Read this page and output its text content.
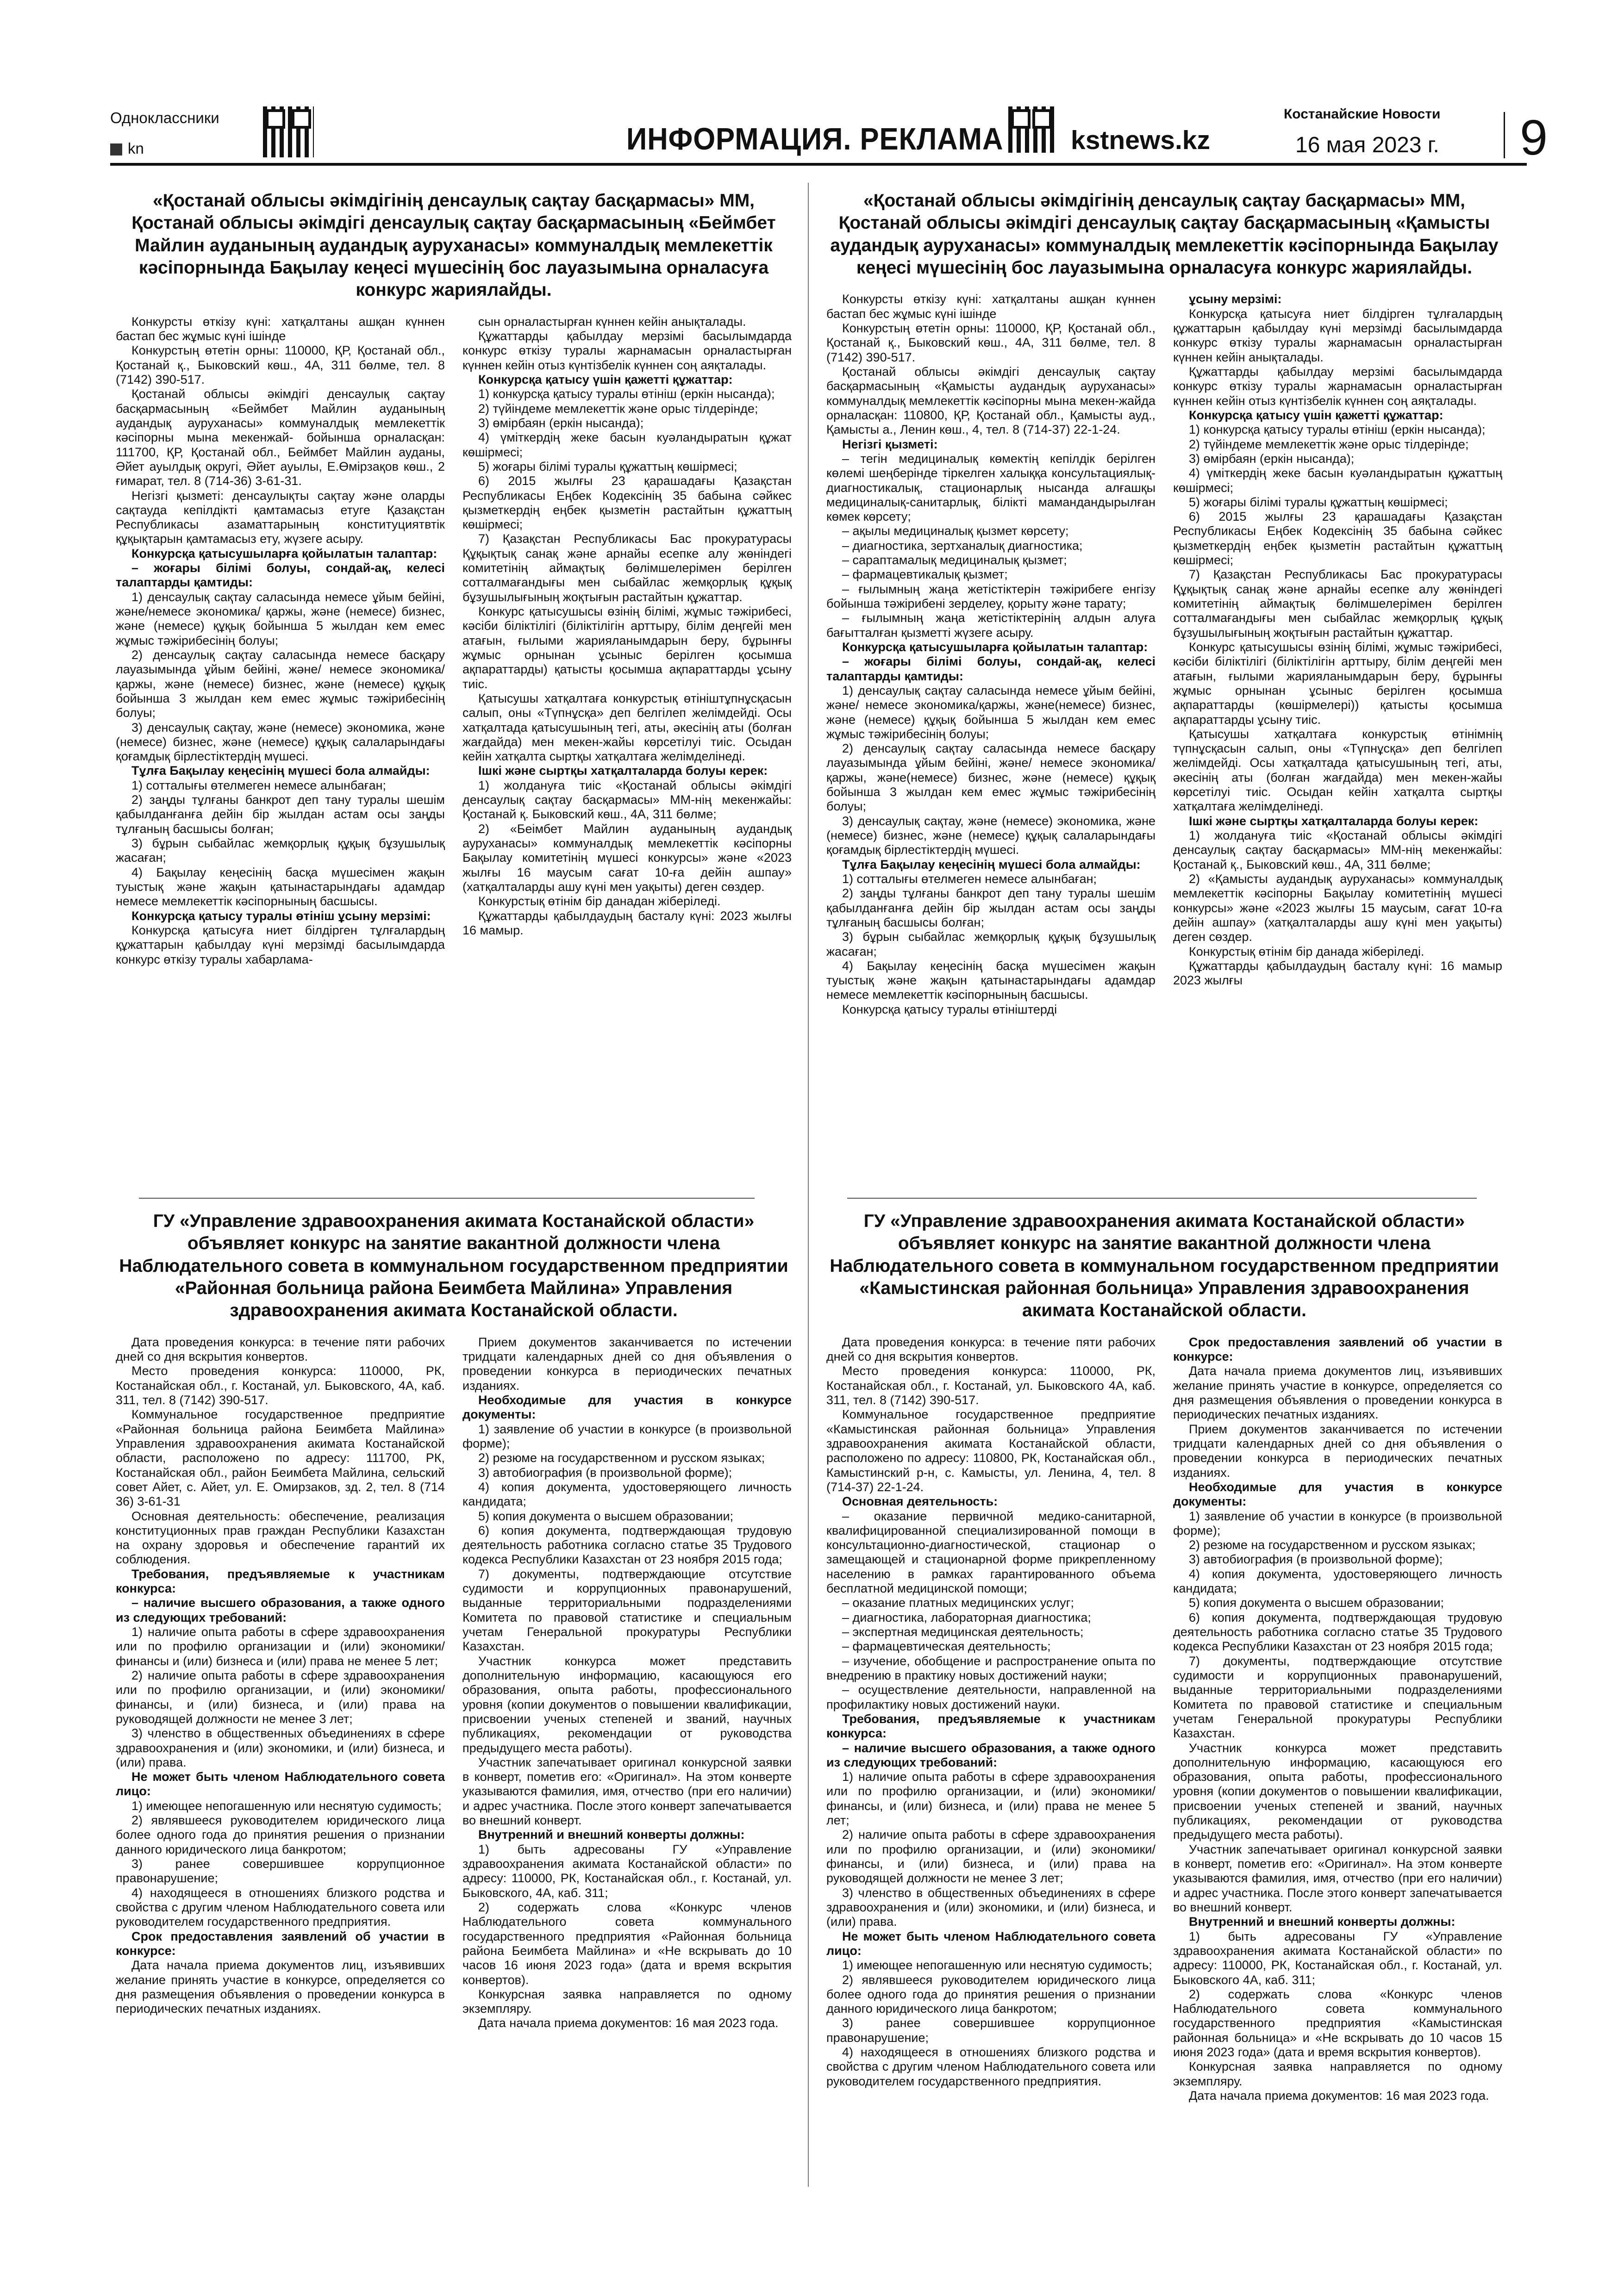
Одноклассники
kn	ИНФОРМАЦИЯ. РЕКЛАМА	kstnews.kz
Костанайские Новости
16 мая 2023 г. 9
«Қостанай облысы әкімдігінің денсаулық сақтау басқармасы» ММ, Қостанай облысы әкімдігі денсаулық сақтау басқармасының «Беймбет Майлин ауданының аудандық ауруханасы» коммуналдық мемлекеттік кәсіпорнында Бақылау кеңесі мүшесінің бос лауазымына орналасуға конкурс жариялайды.

Конкурсты өткізу күні: хатқалтаны ашқан күннен бастап бес жұмыс күні ішінде

Конкурстың өтетін орны: 110000, ҚР, Қостанай обл., Қостанай қ., Быковский көш., 4А, 311 бөлме, тел. 8 (7142) 390-517.

Қостанай облысы әкімдігі денсаулық сақтау басқармасының «Беймбет Майлин ауданының аудандық ауруханасы» коммуналдық мемлекеттік кәсіпорны мына мекенжай- бойынша орналасқан: 111700, ҚР, Қостанай обл., Беймбет Майлин ауданы, Әйет ауылдық округі, Әйет ауылы, Е.Өмірзақов көш., 2 ғимарат, тел. 8 (714-36) 3-61-31.

Негізгі қызметі: денсаулықты сақтау және оларды сақтауда кепілдікті қамтамасыз етуге Қазақстан Республикасы азаматтарының конституциятвтік құқықтарын қамтамасыз ету, жүзеге асыру.

Конкурсқа қатысушыларға қойылатын талаптар:

– жоғары білімі болуы, сондай-ақ, келесі талаптарды қамтиды:

1) денсаулық сақтау саласында немесе ұйым бейіні, және/немесе экономика/ қаржы, және (немесе) бизнес, және (немесе) құқық бойынша 5 жылдан кем емес жұмыс тәжірибесінің болуы;

2) денсаулық сақтау саласында немесе басқару лауазымында ұйым бейіні, және/ немесе экономика/қаржы, және (немесе) бизнес, және (немесе) құқық бойынша 3 жылдан кем емес жұмыс тәжірибесінің болуы;

3) денсаулық сақтау, және (немесе) экономика, және (немесе) бизнес, және (немесе) құқық салаларындағы қоғамдық бірлестіктердің мүшесі.

Тұлға Бақылау кеңесінің мүшесі бола алмайды:

1) сотталығы өтелмеген немесе алынбаған;

2) заңды тұлғаны банкрот деп тану туралы шешім қабылданғанға дейін бір жылдан астам осы заңды тұлғаның басшысы болған;

3) бұрын сыбайлас жемқорлық құқық бұзушылық жасаған;

4) Бақылау кеңесінің басқа мүшесімен жақын туыстық және жақын қатынастарындағы адамдар немесе мемлекеттік кәсіпорнының басшысы.

Конкурсқа қатысу туралы өтініш ұсыну мерзімі:

Конкурсқа қатысуға ниет білдірген тұлғалардың құжаттарын қабылдау күні мерзімді басылымдарда конкурс өткізу туралы хабарлама-

сын орналастырған күннен кейін анықталады.

Құжаттарды қабылдау мерзімі басылымдарда конкурс өткізу туралы жарнамасын орналастырған күннен кейін отыз күнтізбелік күннен соң аяқталады.

Конкурсқа қатысу үшін қажетті құжаттар:

1) конкурсқа қатысу туралы өтініш (еркін нысанда);

2) түйіндеме мемлекеттік және орыс тілдерінде;

3) өмірбаян (еркін нысанда);

4) үміткердің жеке басын куәландыратын құжат көшірмесі;

5) жоғары білімі туралы құжаттың көшірмесі;

6) 2015 жылғы 23 қарашадағы Қазақстан Республикасы Еңбек Кодексінің 35 бабына сәйкес қызметкердің еңбек қызметін растайтын құжаттың көшірмесі;

7) Қазақстан Республикасы Бас прокуратурасы Құқықтық санақ және арнайы есепке алу жөніндегі комитетінің аймақтық бөлімшелерімен берілген сотталмағандығы мен сыбайлас жемқорлық құқық бұзушылығының жоқтығын растайтын құжаттар.

Конкурс қатысушысы өзінің білімі, жұмыс тәжірибесі, кәсіби біліктілігі (біліктілігін арттыру, білім деңгейі мен атағын, ғылыми жарияланымдарын беру, бұрынғы жұмыс орнынан ұсыныс берілген қосымша ақпараттарды) қатысты қосымша ақпараттарды ұсыну тиіс.

Қатысушы хатқалтаға конкурстық өтініштұпнұсқасын салып, оны «Түпнұсқа» деп белгілеп желімдейді. Осы хатқалтада қатысушының тегі, аты, әкесінің аты (болған жағдайда) мен мекен-жайы көрсетілуі тиіс. Осыдан кейін хатқалта сыртқы хатқалтаға желімделінеді.

Ішкі және сыртқы хатқалталарда болуы керек:

1) жолдануға тиіс «Қостанай облысы әкімдігі денсаулық сақтау басқармасы» ММ-нің мекенжайы: Қостанай қ. Быковский көш., 4А, 311 бөлме;

2) «Беімбет Майлин ауданының аудандық ауруханасы» коммуналдық мемлекеттік кәсіпорны Бақылау комитетінің мүшесі конкурсы» және «2023 жылғы 16 маусым сағат 10-ға дейін ашпау» (хатқалталарды ашу күні мен уақыты) деген сөздер.

Конкурстық өтінім бір данадан жіберіледі.

Құжаттарды қабылдаудың басталу күні: 2023 жылғы 16 мамыр.

«Қостанай облысы әкімдігінің денсаулық сақтау басқармасы» ММ, Қостанай облысы әкімдігі денсаулық сақтау басқармасының «Қамысты аудандық ауруханасы» коммуналдық мемлекеттік кәсіпорнында Бақылау кеңесі мүшесінің бос лауазымына орналасуға конкурс жариялайды.

Конкурсты өткізу күні: хатқалтаны ашқан күннен бастап бес жұмыс күні ішінде

Конкурстың өтетін орны: 110000, ҚР, Қостанай обл., Қостанай қ., Быковский көш., 4А, 311 бөлме, тел. 8 (7142) 390-517.

Қостанай облысы әкімдігі денсаулық сақтау басқармасының «Қамысты аудандық ауруханасы» коммуналдық мемлекеттік кәсіпорны мына мекен-жайда орналасқан: 110800, ҚР, Қостанай обл., Қамысты ауд., Қамысты а., Ленин көш., 4, тел. 8 (714-37) 22-1-24.

Негізгі қызметі:

– тегін медициналық көмектің кепілдік берілген көлемі шеңберінде тіркелген халыққа консультациялық-диагностикалық, стационарлық нысанда алғашқы медициналық-санитарлық, білікті мамандандырылған көмек көрсету;

– ақылы медициналық қызмет көрсету;

– диагностика, зертханалық диагностика;

– сараптамалық медициналық қызмет;

– фармацевтикалық қызмет;

– ғылымның жаңа жетістіктерін тәжірибеге енгізу бойынша тәжірибені зерделеу, қорыту және тарату;

– ғылымның жаңа жетістіктерінің алдын алуға бағытталған қызметті жүзеге асыру.

Конкурсқа қатысушыларға қойылатын талаптар:

– жоғары білімі болуы, сондай-ақ, келесі талаптарды қамтиды:

1) денсаулық сақтау саласында немесе ұйым бейіні, және/ немесе экономика/қаржы, және(немесе) бизнес, және (немесе) құқық бойынша 5 жылдан кем емес жұмыс тәжірибесінің болуы;

2) денсаулық сақтау саласында немесе басқару лауазымында ұйым бейіні, және/ немесе экономика/ қаржы, және(немесе) бизнес, және (немесе) құқық бойынша 3 жылдан кем емес жұмыс тәжірибесінің болуы;

3) денсаулық сақтау, және (немесе) экономика, және (немесе) бизнес, және (немесе) құқық салаларындағы қоғамдық бірлестіктердің мүшесі.

Тұлға Бақылау кеңесінің мүшесі бола алмайды:

1) сотталығы өтелмеген немесе алынбаған;

2) заңды тұлғаны банкрот деп тану туралы шешім қабылданғанға дейін бір жылдан астам осы заңды тұлғаның басшысы болған;

3) бұрын сыбайлас жемқорлық құқық бұзушылық жасаған;

4) Бақылау кеңесінің басқа мүшесімен жақын туыстық және жақын қатынастарындағы адамдар немесе мемлекеттік кәсіпорнының басшысы.

Конкурсқа қатысу туралы өтініштерді

ұсыну мерзімі:

Конкурсқа қатысуға ниет білдірген тұлғалардың құжаттарын қабылдау күні мерзімді басылымдарда конкурс өткізу туралы жарнамасын орналастырған күннен кейін анықталады.

Құжаттарды қабылдау мерзімі басылымдарда конкурс өткізу туралы жарнамасын орналастырған күннен кейін отыз күнтізбелік күннен соң аяқталады.

Конкурсқа қатысу үшін қажетті құжаттар:

1) конкурсқа қатысу туралы өтініш (еркін нысанда);

2) түйіндеме мемлекеттік және орыс тілдерінде;

3) өмірбаян (еркін нысанда);

4) үміткердің жеке басын куәландыратын құжаттың көшірмесі;

5) жоғары білімі туралы құжаттың көшірмесі;

6) 2015 жылғы 23 қарашадағы Қазақстан Республикасы Еңбек Кодексінің 35 бабына сәйкес қызметкердің еңбек қызметін растайтын құжаттың көшірмесі;

7) Қазақстан Республикасы Бас прокуратурасы Құқықтық санақ және арнайы есепке алу жөніндегі комитетінің аймақтық бөлімшелерімен берілген сотталмағандығы мен сыбайлас жемқорлық құқық бұзушылығының жоқтығын растайтын құжаттар.

Конкурс қатысушысы өзінің білімі, жұмыс тәжірибесі, кәсіби біліктілігі (біліктілігін арттыру, білім деңгейі мен атағын, ғылыми жарияланымдарын беру, бұрынғы жұмыс орнынан ұсыныс берілген қосымша ақпараттарды (көшірмелері)) қатысты қосымша ақпараттарды ұсыну тиіс.

Қатысушы хатқалтаға конкурстық өтінімнің түпнұсқасын салып, оны «Түпнұсқа» деп белгілеп желімдейді. Осы хатқалтада қатысушының тегі, аты, әкесінің аты (болған жағдайда) мен мекен-жайы көрсетілуі тиіс. Осыдан кейін хатқалта сыртқы хатқалтаға желімделінеді.

Ішкі және сыртқы хатқалталарда болуы керек:

1) жолдануға тиіс «Қостанай облысы әкімдігі денсаулық сақтау басқармасы» ММ-нің мекенжайы: Қостанай қ., Быковский көш., 4А, 311 бөлме;

2) «Қамысты аудандық ауруханасы» коммуналдық мемлекеттік кәсіпорны Бақылау комитетінің мүшесі конкурсы» және «2023 жылғы 15 маусым, сағат 10-ға дейін ашпау» (хатқалталарды ашу күні мен уақыты) деген сөздер.

Конкурстық өтінім бір данада жіберіледі.

Құжаттарды қабылдаудың басталу күні: 16 мамыр 2023 жылғы

ГУ «Управление здравоохранения акимата Костанайской области» объявляет конкурс на занятие вакантной должности члена Наблюдательного совета в коммунальном государственном предприятии «Районная больница района Беимбета Майлина» Управления здравоохранения акимата Костанайской области.

Дата проведения конкурса: в течение пяти рабочих дней со дня вскрытия конвертов.

Место проведения конкурса: 110000, РК, Костанайская обл., г. Костанай, ул. Быковского, 4А, каб. 311, тел. 8 (7142) 390-517.

Коммунальное государственное предприятие «Районная больница района Беимбета Майлина» Управления здравоохранения акимата Костанайской области, расположено по адресу: 111700, РК, Костанайская обл., район Беимбета Майлина, сельский совет Айет, с. Айет, ул. Е. Омирзаков, зд. 2, тел. 8 (714 36) 3-61-31

Основная деятельность: обеспечение, реализация конституционных прав граждан Республики Казахстан на охрану здоровья и обеспечение гарантий их соблюдения.

Требования, предъявляемые к участникам конкурса:

– наличие высшего образования, а также одного из следующих требований:

1) наличие опыта работы в сфере здравоохранения или по профилю организации и (или) экономики/финансы и (или) бизнеса и (или) права не менее 5 лет;

2) наличие опыта работы в сфере здравоохранения или по профилю организации, и (или) экономики/финансы, и (или) бизнеса, и (или) права на руководящей должности не менее 3 лет;

3) членство в общественных объединениях в сфере здравоохранения и (или) экономики, и (или) бизнеса, и (или) права.

Не может быть членом Наблюдательного совета лицо:

1) имеющее непогашенную или неснятую судимость;

2) являвшееся руководителем юридического лица более одного года до принятия решения о признании данного юридического лица банкротом;

3) ранее совершившее коррупционное правонарушение;

4) находящееся в отношениях близкого родства и свойства с другим членом Наблюдательного совета или руководителем государственного предприятия.

Срок предоставления заявлений об участии в конкурсе:

Дата начала приема документов лиц, изъявивших желание принять участие в конкурсе, определяется со дня размещения объявления о проведении конкурса в периодических печатных изданиях.

Прием документов заканчивается по истечении тридцати календарных дней со дня объявления о проведении конкурса в периодических печатных изданиях.

Необходимые для участия в конкурсе документы:

1) заявление об участии в конкурсе (в произвольной форме);

2) резюме на государственном и русском языках;

3) автобиография (в произвольной форме);

4) копия документа, удостоверяющего личность кандидата;

5) копия документа о высшем образовании;

6) копия документа, подтверждающая трудовую деятельность работника согласно статье 35 Трудового кодекса Республики Казахстан от 23 ноября 2015 года;

7) документы, подтверждающие отсутствие судимости и коррупционных правонарушений, выданные территориальными подразделениями Комитета по правовой статистике и специальным учетам Генеральной прокуратуры Республики Казахстан.

Участник конкурса может представить дополнительную информацию, касающуюся его образования, опыта работы, профессионального уровня (копии документов о повышении квалификации, присвоении ученых степеней и званий, научных публикациях, рекомендации от руководства предыдущего места работы).

Участник запечатывает оригинал конкурсной заявки в конверт, пометив его: «Оригинал». На этом конверте указываются фамилия, имя, отчество (при его наличии) и адрес участника. После этого конверт запечатывается во внешний конверт.

Внутренний и внешний конверты должны:

1) быть адресованы ГУ «Управление здравоохранения акимата Костанайской области» по адресу: 110000, РК, Костанайская обл., г. Костанай, ул. Быковского, 4А, каб. 311;

2) содержать слова «Конкурс членов Наблюдательного совета коммунального государственного предприятия «Районная больница района Беимбета Майлина» и «Не вскрывать до 10 часов 16 июня 2023 года» (дата и время вскрытия конвертов).

Конкурсная заявка направляется по одному экземпляру.

Дата начала приема документов: 16 мая 2023 года.

ГУ «Управление здравоохранения акимата Костанайской области» объявляет конкурс на занятие вакантной должности члена Наблюдательного совета в коммунальном государственном предприятии «Камыстинская районная больница» Управления здравоохранения акимата Костанайской области.

Дата проведения конкурса: в течение пяти рабочих дней со дня вскрытия конвертов.

Место проведения конкурса: 110000, РК, Костанайская обл., г. Костанай, ул. Быковского 4А, каб. 311, тел. 8 (7142) 390-517.

Коммунальное государственное предприятие «Камыстинская районная больница» Управления здравоохранения акимата Костанайской области, расположено по адресу: 110800, РК, Костанайская обл., Камыстинский р-н, с. Камысты, ул. Ленина, 4, тел. 8 (714-37) 22-1-24.

Основная деятельность:

– оказание первичной медико-санитарной, квалифицированной специализированной помощи в консультационно-диагностической, стационар о замещающей и стационарной форме прикрепленному населению в рамках гарантированного объема бесплатной медицинской помощи;

– оказание платных медицинских услуг;

– диагностика, лабораторная диагностика;

– экспертная медицинская деятельность;

– фармацевтическая деятельность;

– изучение, обобщение и распространение опыта по внедрению в практику новых достижений науки;

– осуществление деятельности, направленной на профилактику новых достижений науки.

Требования, предъявляемые к участникам конкурса:

– наличие высшего образования, а также одного из следующих требований:

1) наличие опыта работы в сфере здравоохранения или по профилю организации, и (или) экономики/финансы, и (или) бизнеса, и (или) права не менее 5 лет;

2) наличие опыта работы в сфере здравоохранения или по профилю организации, и (или) экономики/финансы, и (или) бизнеса, и (или) права на руководящей должности не менее 3 лет;

3) членство в общественных объединениях в сфере здравоохранения и (или) экономики, и (или) бизнеса, и (или) права.

Не может быть членом Наблюдательного совета лицо:

1) имеющее непогашенную или неснятую судимость;

2) являвшееся руководителем юридического лица более одного года до принятия решения о признании данного юридического лица банкротом;

3) ранее совершившее коррупционное правонарушение;

4) находящееся в отношениях близкого родства и свойства с другим членом Наблюдательного совета или руководителем государственного предприятия.

Срок предоставления заявлений об участии в конкурсе:

Дата начала приема документов лиц, изъявивших желание принять участие в конкурсе, определяется со дня размещения объявления о проведении конкурса в периодических печатных изданиях.

Прием документов заканчивается по истечении тридцати календарных дней со дня объявления о проведении конкурса в периодических печатных изданиях.

Необходимые для участия в конкурсе документы:

1) заявление об участии в конкурсе (в произвольной форме);

2) резюме на государственном и русском языках;

3) автобиография (в произвольной форме);

4) копия документа, удостоверяющего личность кандидата;

5) копия документа о высшем образовании;

6) копия документа, подтверждающая трудовую деятельность работника согласно статье 35 Трудового кодекса Республики Казахстан от 23 ноября 2015 года;

7) документы, подтверждающие отсутствие судимости и коррупционных правонарушений, выданные территориальными подразделениями Комитета по правовой статистике и специальным учетам Генеральной прокуратуры Республики Казахстан.

Участник конкурса может представить дополнительную информацию, касающуюся его образования, опыта работы, профессионального уровня (копии документов о повышении квалификации, присвоении ученых степеней и званий, научных публикациях, рекомендации от руководства предыдущего места работы).

Участник запечатывает оригинал конкурсной заявки в конверт, пометив его: «Оригинал». На этом конверте указываются фамилия, имя, отчество (при его наличии) и адрес участника. После этого конверт запечатывается во внешний конверт.

Внутренний и внешний конверты должны:

1) быть адресованы ГУ «Управление здравоохранения акимата Костанайской области» по адресу: 110000, РК, Костанайская обл., г. Костанай, ул. Быковского 4А, каб. 311;

2) содержать слова «Конкурс членов Наблюдательного совета коммунального государственного предприятия «Камыстинская районная больница» и «Не вскрывать до 10 часов 15 июня 2023 года» (дата и время вскрытия конвертов).

Конкурсная заявка направляется по одному экземпляру.

Дата начала приема документов: 16 мая 2023 года.
